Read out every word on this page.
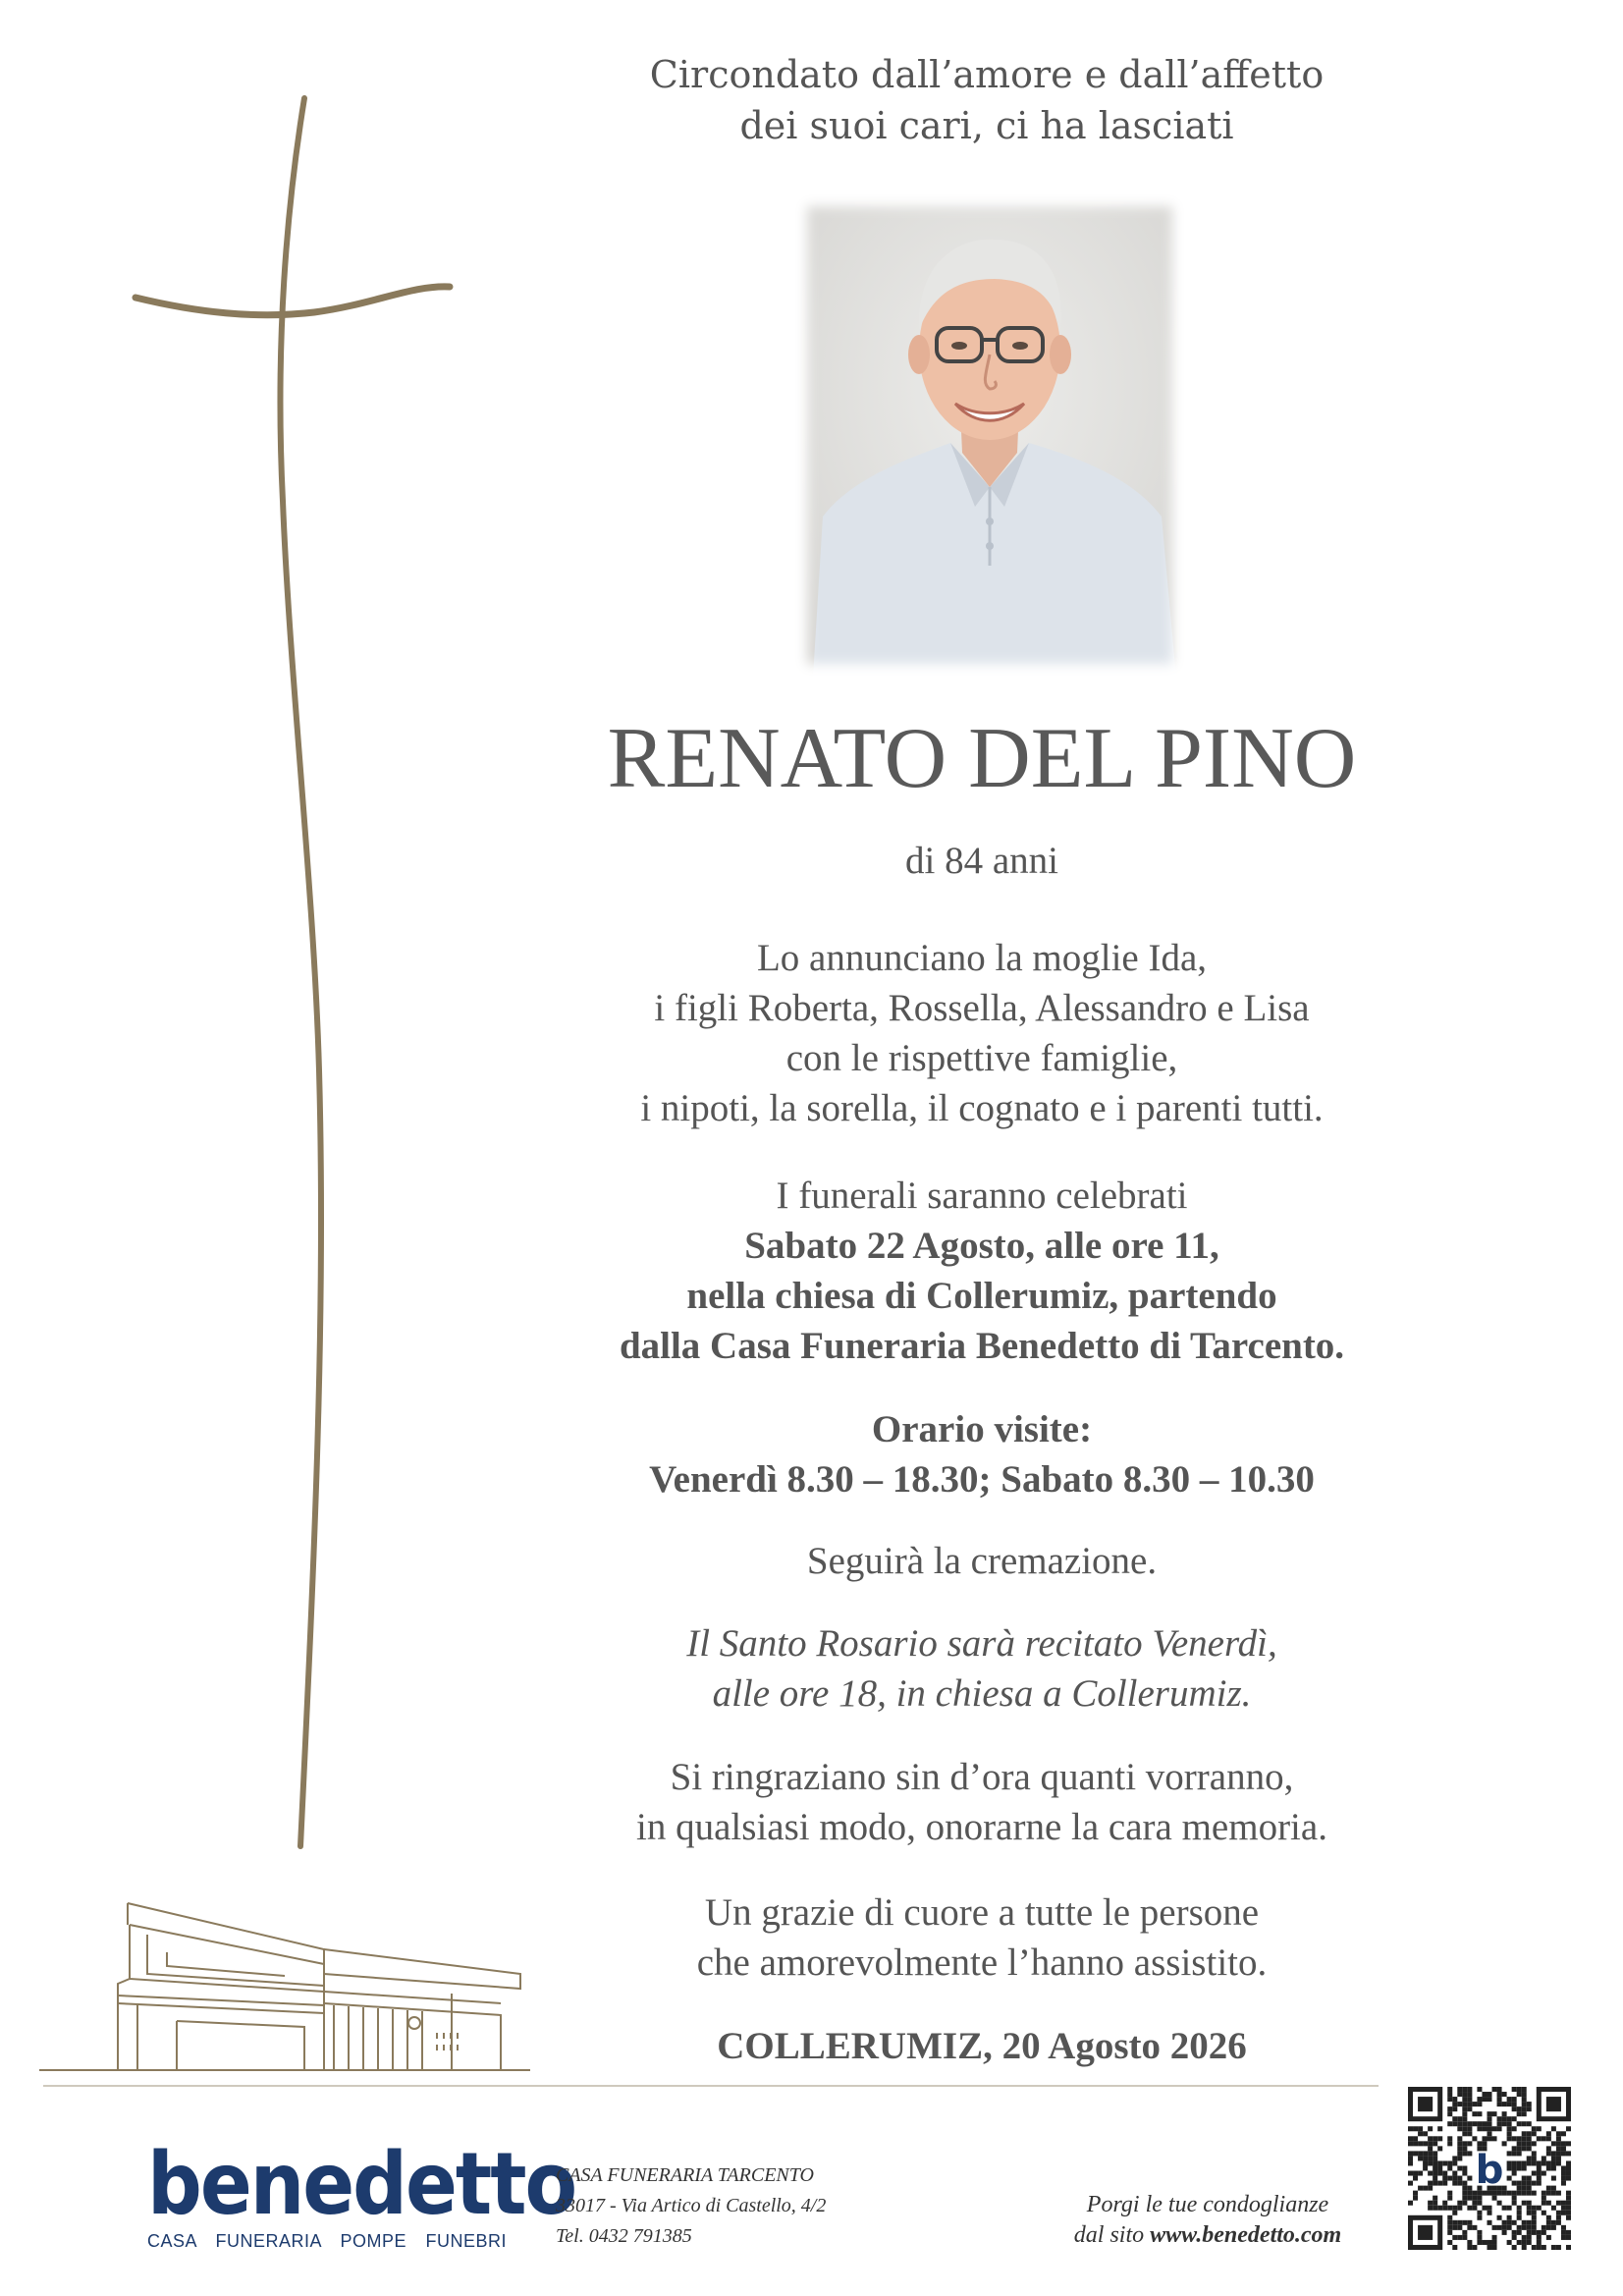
Circondato dall’amore e dall’affetto
dei suoi cari, ci ha lasciati
RENATO DEL PINO
di 84 anni
Lo annunciano la moglie Ida,
i figli Roberta, Rossella, Alessandro e Lisa
con le rispettive famiglie,
i nipoti, la sorella, il cognato e i parenti tutti.
I funerali saranno celebrati
Sabato 22 Agosto, alle ore 11,
nella chiesa di Collerumiz, partendo
dalla Casa Funeraria Benedetto di Tarcento.
Orario visite:
Venerdì 8.30 – 18.30; Sabato 8.30 – 10.30
Seguirà la cremazione.
Il Santo Rosario sarà recitato Venerdì,
alle ore 18, in chiesa a Collerumiz.
Si ringraziano sin d’ora quanti vorranno,
in qualsiasi modo, onorarne la cara memoria.
Un grazie di cuore a tutte le persone
che amorevolmente l’hanno assistito.
COLLERUMIZ, 20 Agosto 2026
benedetto
CASA FUNERARIA POMPE FUNEBRI
CASA FUNERARIA TARCENTO
33017 - Via Artico di Castello, 4/2
Tel. 0432 791385
Porgi le tue condoglianze
dal sito www.benedetto.com
b
